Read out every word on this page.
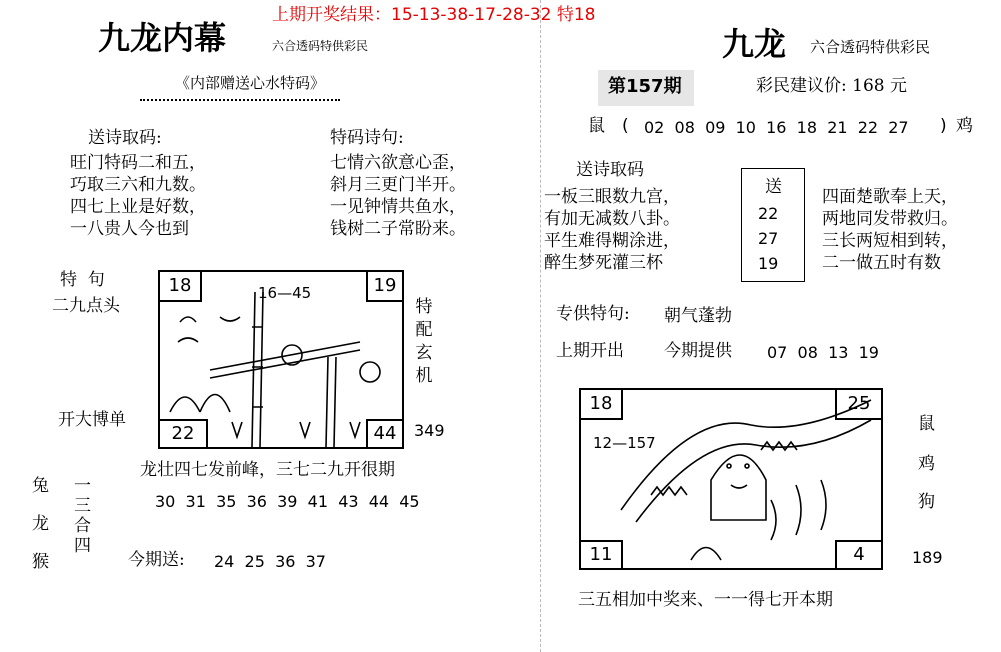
上期开奖结果：15-13-38-17-28-32 特18
九龙内幕	六合透码特供彩民
《内部赠送心水特码》
送诗取码:
旺门特码二和五，
巧取三六和九数。
四七上业是好数，
一八贵人今也到
特码诗句:
七情六欲意心歪，
斜月三更门半开。
一见钟情共鱼水，
钱树二子常盼来。
特  句
二九点头
开大博单
18	19
22	44
16—45
特配玄机
349
龙壮四七发前峰，三七二九开很期
30  31  35  36  39  41  43  44  45
兔
龙
猴
一
三
合
四
今期送: 24  25  36  37
九龙 六合透码特供彩民
第157期	彩民建议价: 168 元
鼠 ( 02  08  09  10  16  18  21  22  27 ) 鸡
送诗取码
一板三眼数九宫，
有加无减数八卦。
平生难得糊涂进，
醉生梦死灌三杯
送
22
27
19
四面楚歌奉上天，
两地同发带救归。
三长两短相到转，
二一做五时有数
专供特句: 朝气蓬勃
上期开出 今期提供 07  08  13  19
18	25
11	4
12—157
鼠
鸡
狗
189
三五相加中奖来、一一得七开本期
